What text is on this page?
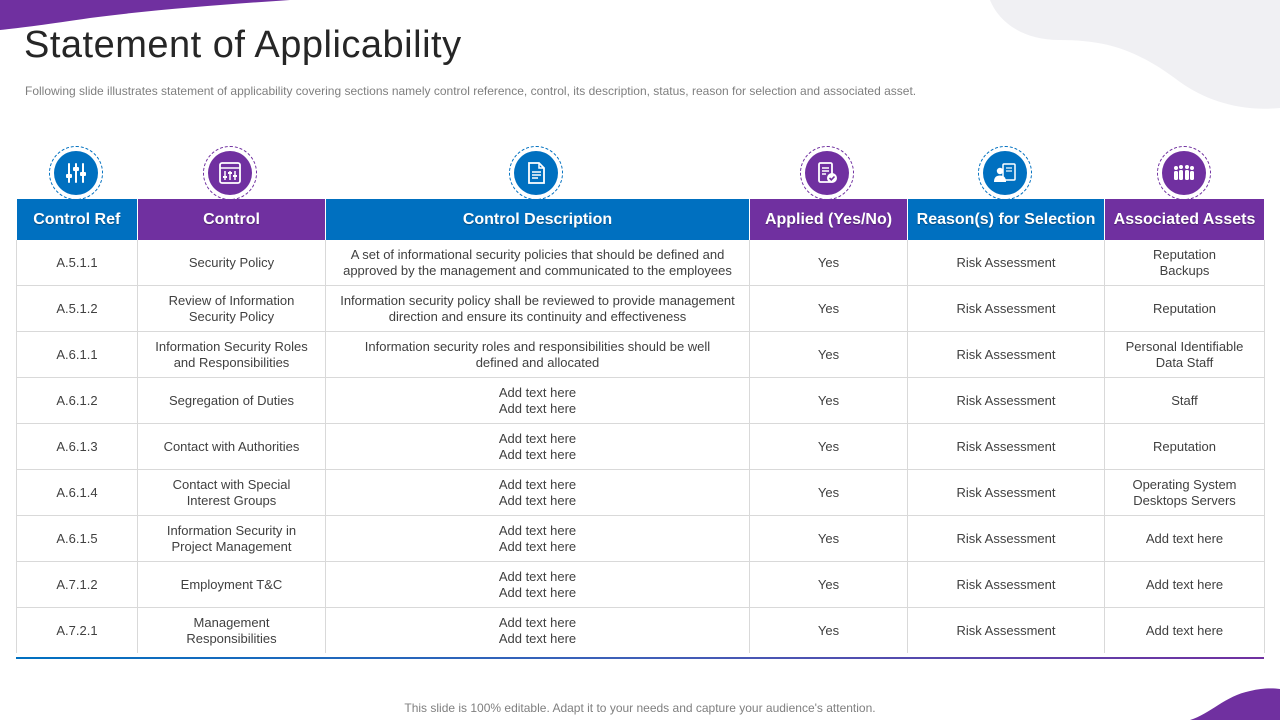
Statement of Applicability
Following slide illustrates statement of applicability covering sections namely control reference, control, its description, status, reason for selection and associated asset.
Control Ref	Control	Control Description	Applied (Yes/No)	Reason(s) for Selection	Associated Assets
A.5.1.1	Security Policy	A set of informational security policies that should be defined and
approved by the management and communicated to the employees	Yes	Risk Assessment	Reputation
Backups

A.5.1.2	Review of Information
Security Policy	Information security policy shall be reviewed to provide management
direction and ensure its continuity and effectiveness	Yes	Risk Assessment	Reputation

A.6.1.1	Information Security Roles
and Responsibilities	Information security roles and responsibilities should be well
defined and allocated	Yes	Risk Assessment	Personal Identifiable
Data Staff

A.6.1.2	Segregation of Duties	Add text here
Add text here	Yes	Risk Assessment	Staff

A.6.1.3	Contact with Authorities	Add text here
Add text here	Yes	Risk Assessment	Reputation

A.6.1.4	Contact with Special
Interest Groups	Add text here
Add text here	Yes	Risk Assessment	Operating System
Desktops Servers

A.6.1.5	Information Security in
Project Management	Add text here
Add text here	Yes	Risk Assessment	Add text here

A.7.1.2	Employment T&C	Add text here
Add text here	Yes	Risk Assessment	Add text here

A.7.2.1	Management
Responsibilities	Add text here
Add text here	Yes	Risk Assessment	Add text here
This slide is 100% editable. Adapt it to your needs and capture your audience's attention.
